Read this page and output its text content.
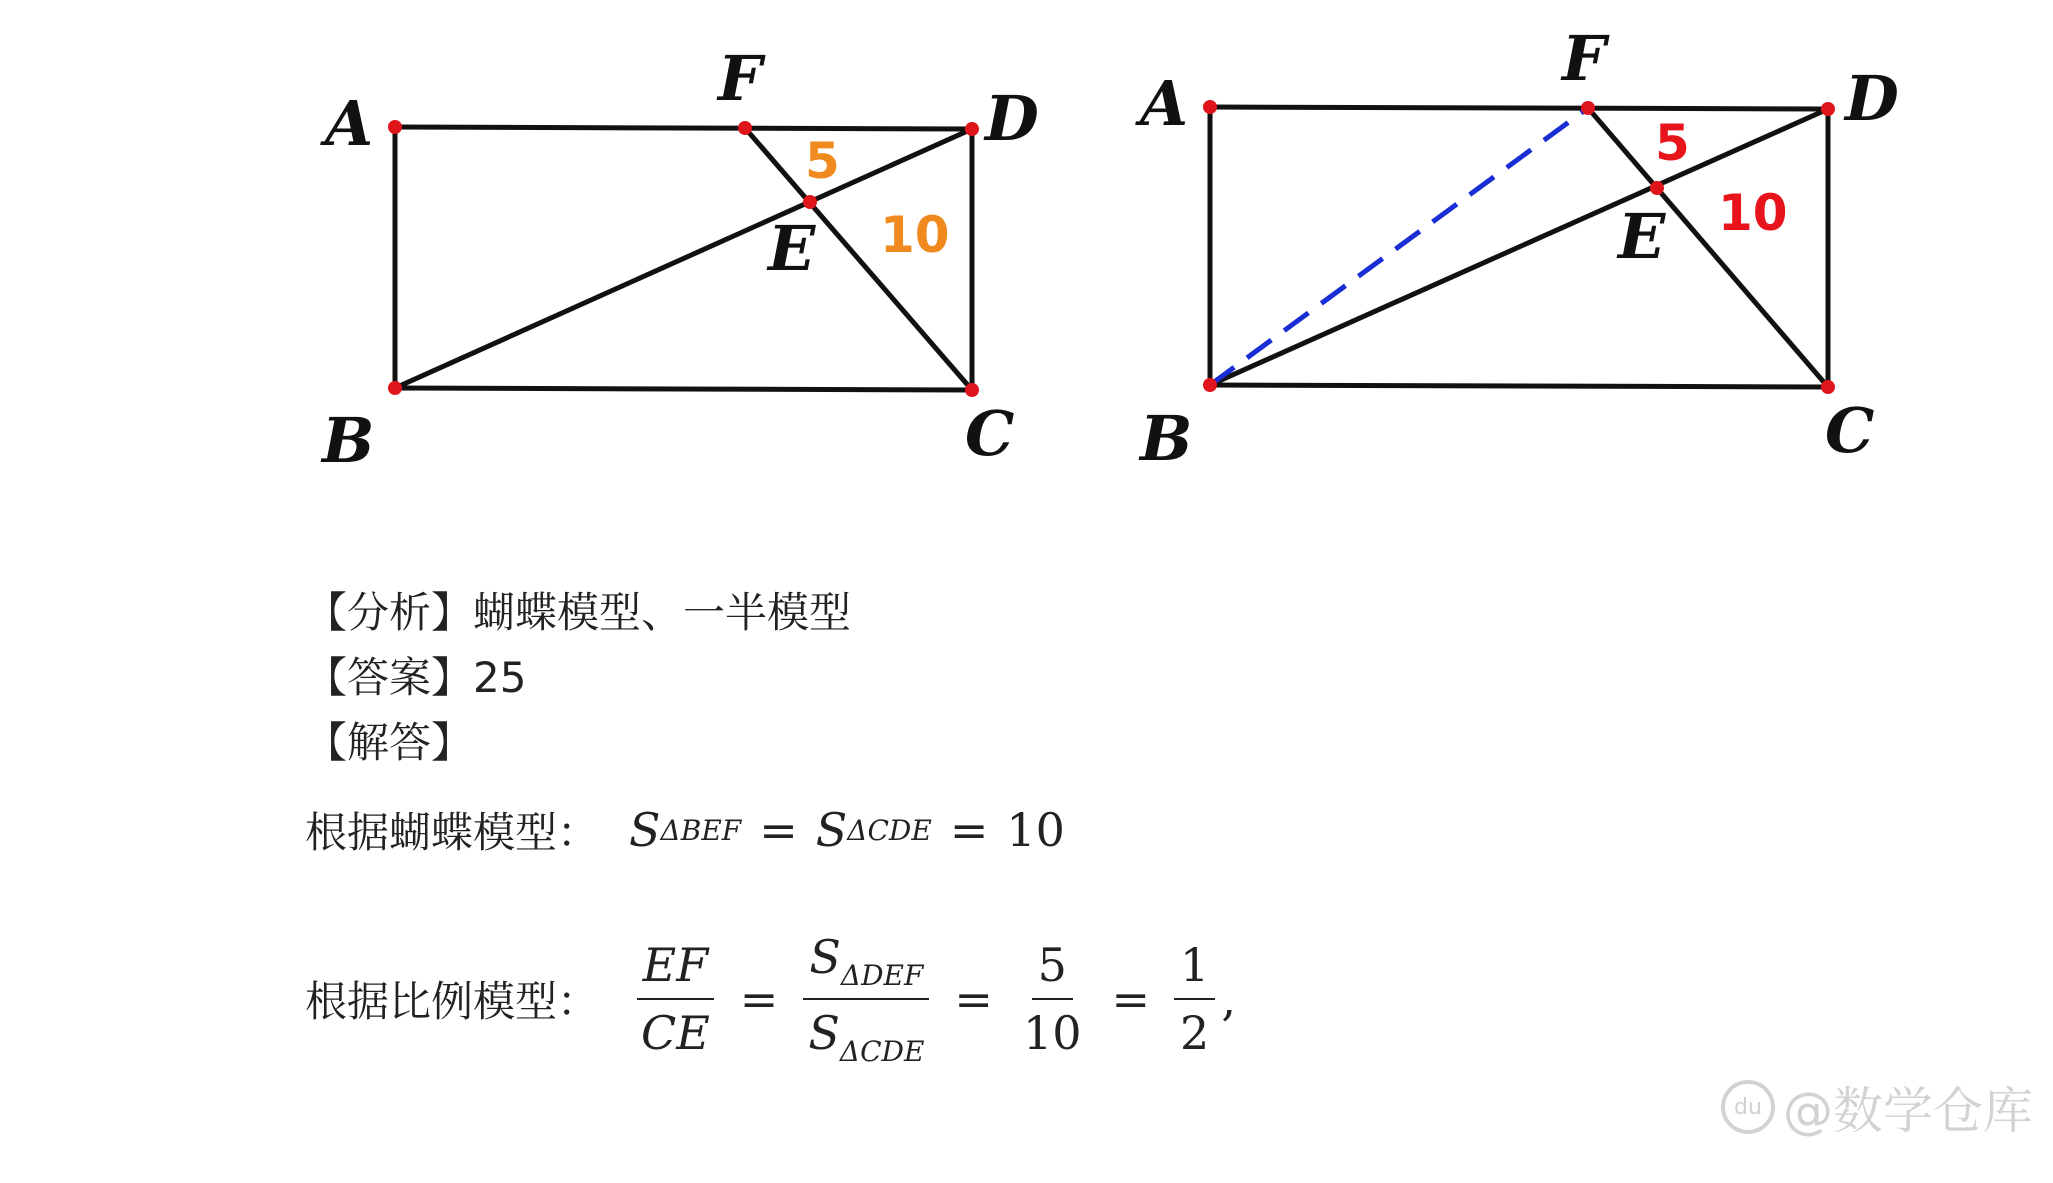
A
F
D
E
B	C
5
10
A
F
D
E
B	C
5
10
【分析】蝴蝶模型、一半模型
【答案】25
【解答】
根据蝴蝶模型： S ΔBEF = S ΔCDE = 10
根据比例模型： $\frac{EF}{CE} = \frac{S_{\Delta DEF}}{S_{\Delta CDE}} = \frac{5}{10} = \frac{1}{2}$ ,
du @数学仓库
